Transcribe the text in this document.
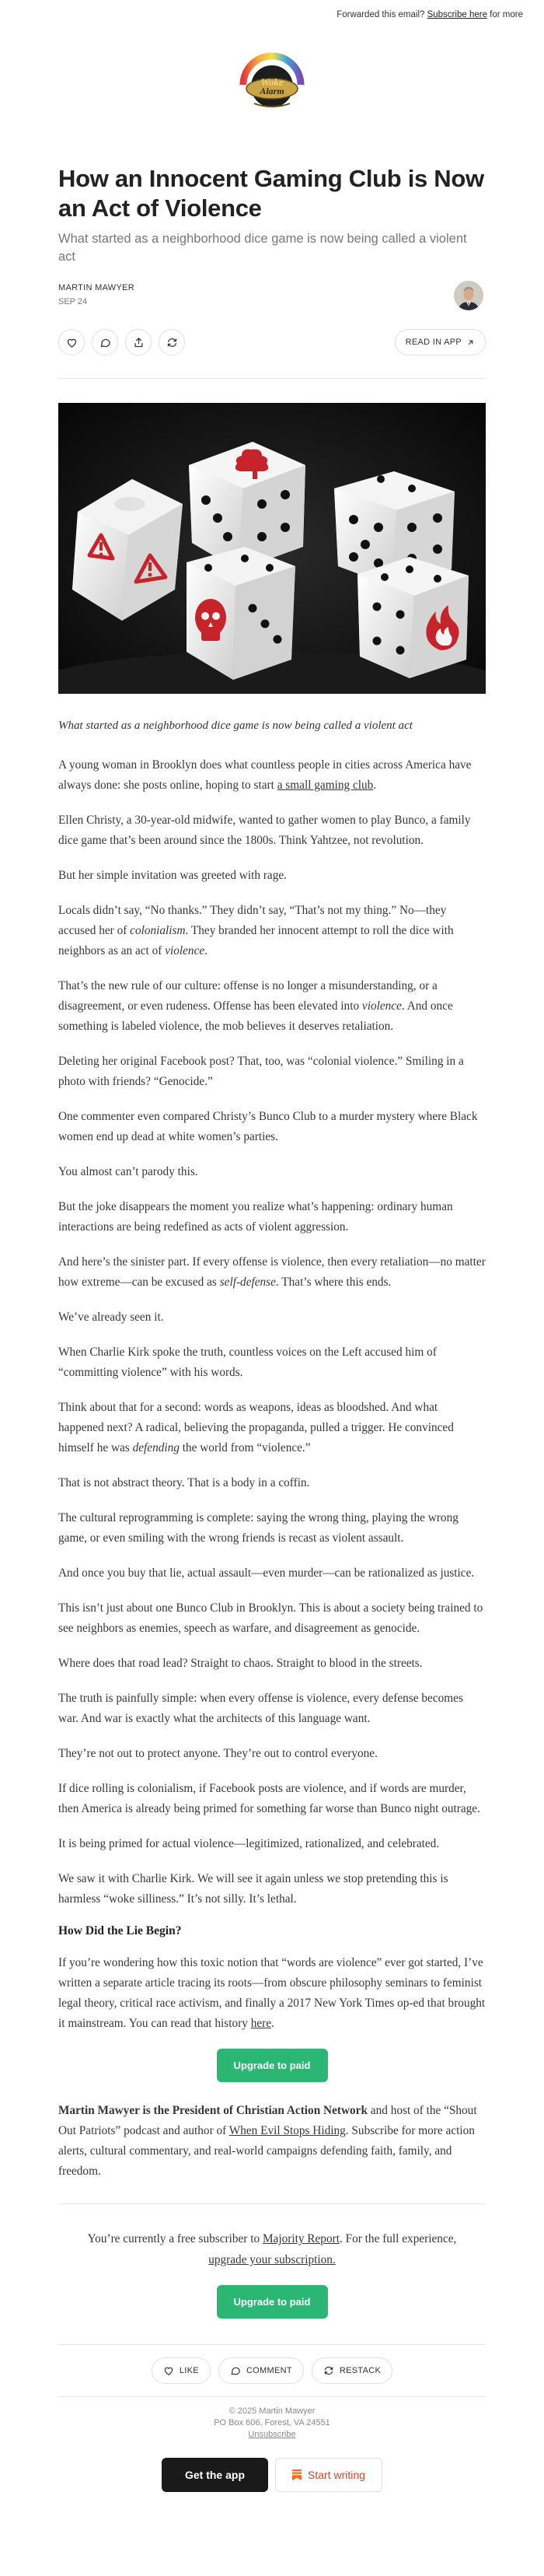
Forwarded this email? Subscribe here for more
Woke
Alarm
How an Innocent Gaming Club is Now an Act of Violence
What started as a neighborhood dice game is now being called a violent act
MARTIN MAWYER
SEP 24
READ IN APP
What started as a neighborhood dice game is now being called a violent act

A young woman in Brooklyn does what countless people in cities across America have always done: she posts online, hoping to start a small gaming club.

Ellen Christy, a 30-year-old midwife, wanted to gather women to play Bunco, a family dice game that’s been around since the 1800s. Think Yahtzee, not revolution.

But her simple invitation was greeted with rage.

Locals didn’t say, “No thanks.” They didn’t say, “That’s not my thing.” No—they accused her of colonialism. They branded her innocent attempt to roll the dice with neighbors as an act of violence.

That’s the new rule of our culture: offense is no longer a misunderstanding, or a disagreement, or even rudeness. Offense has been elevated into violence. And once something is labeled violence, the mob believes it deserves retaliation.

Deleting her original Facebook post? That, too, was “colonial violence.” Smiling in a photo with friends? “Genocide.”

One commenter even compared Christy’s Bunco Club to a murder mystery where Black women end up dead at white women’s parties.

You almost can’t parody this.

But the joke disappears the moment you realize what’s happening: ordinary human interactions are being redefined as acts of violent aggression.

And here’s the sinister part. If every offense is violence, then every retaliation—no matter how extreme—can be excused as self-defense. That’s where this ends.

We’ve already seen it.

When Charlie Kirk spoke the truth, countless voices on the Left accused him of “committing violence” with his words.

Think about that for a second: words as weapons, ideas as bloodshed. And what happened next? A radical, believing the propaganda, pulled a trigger. He convinced himself he was defending the world from “violence.”

That is not abstract theory. That is a body in a coffin.

The cultural reprogramming is complete: saying the wrong thing, playing the wrong game, or even smiling with the wrong friends is recast as violent assault.

And once you buy that lie, actual assault—even murder—can be rationalized as justice.

This isn’t just about one Bunco Club in Brooklyn. This is about a society being trained to see neighbors as enemies, speech as warfare, and disagreement as genocide.

Where does that road lead? Straight to chaos. Straight to blood in the streets.

The truth is painfully simple: when every offense is violence, every defense becomes war. And war is exactly what the architects of this language want.

They’re not out to protect anyone. They’re out to control everyone.

If dice rolling is colonialism, if Facebook posts are violence, and if words are murder, then America is already being primed for something far worse than Bunco night outrage.

It is being primed for actual violence—legitimized, rationalized, and celebrated.

We saw it with Charlie Kirk. We will see it again unless we stop pretending this is harmless “woke silliness.” It’s not silly. It’s lethal.

How Did the Lie Begin?

If you’re wondering how this toxic notion that “words are violence” ever got started, I’ve written a separate article tracing its roots—from obscure philosophy seminars to feminist legal theory, critical race activism, and finally a 2017 New York Times op-ed that brought it mainstream. You can read that history here.

Upgrade to paid

Martin Mawyer is the President of Christian Action Network and host of the “Shout Out Patriots” podcast and author of When Evil Stops Hiding. Subscribe for more action alerts, cultural commentary, and real-world campaigns defending faith, family, and freedom.

You’re currently a free subscriber to Majority Report. For the full experience,
upgrade your subscription.
Upgrade to paid
LIKE	COMMENT	RESTACK
© 2025 Martin Mawyer
PO Box 606, Forest, VA 24551
Unsubscribe
Get the app	Start writing
